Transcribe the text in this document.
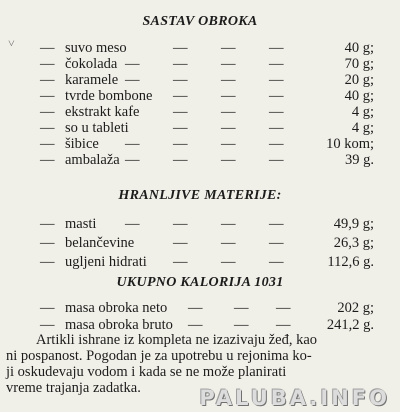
˅
SASTAV OBROKA
— suvo meso	— — —	40 g;
— čokolada — — — —	70 g;
— karamele — — — —	20 g;
— tvrde bombone — — —	40 g;
— ekstrakt kafe — — —	4 g;
— so u tableti	— — —	4 g;
— šibice — — — —	10 kom;
— ambalaža — — — —	39 g.
HRANLJIVE MATERIJE:
— masti — — — —	49,9 g;
— belančevine	— — —	26,3 g;
— ugljeni hidrati — — —	112,6 g.
UKUPNO KALORIJA 1031
— masa obroka neto — — —	202 g;
— masa obroka bruto — — —	241,2 g.
Artikli ishrane iz kompleta ne izazivaju žeđ, kao
ni pospanost. Pogodan je za upotrebu u rejonima ko-
ji oskudevaju vodom i kada se ne može planirati
vreme trajanja zadatka.	PALUBA.INFO
